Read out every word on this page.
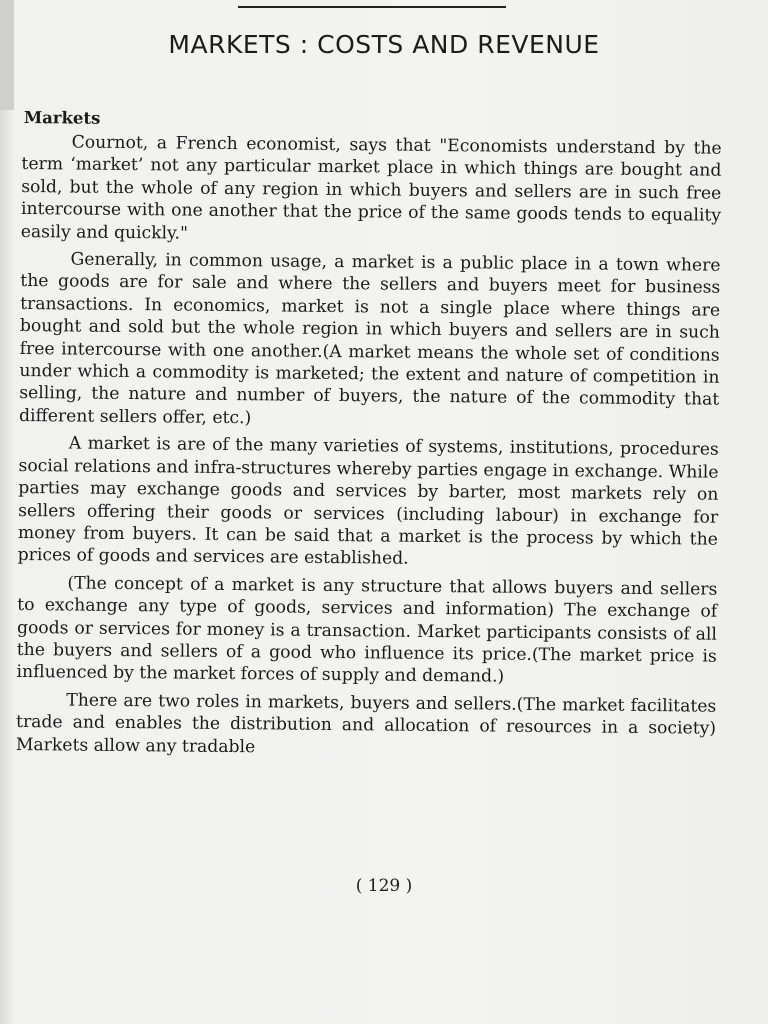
MARKETS : COSTS AND REVENUE
Markets

Cournot, a French economist, says that "Economists understand by the term ‘market’ not any particular market place in which things are bought and sold, but the whole of any region in which buyers and sellers are in such free intercourse with one another that the price of the same goods tends to equality easily and quickly."

Generally, in common usage, a market is a public place in a town where the goods are for sale and where the sellers and buyers meet for business transactions. In economics, market is not a single place where things are bought and sold but the whole region in which buyers and sellers are in such free intercourse with one another.(A market means the whole set of conditions under which a commodity is marketed; the extent and nature of competition in selling, the nature and number of buyers, the nature of the commodity that different sellers offer, etc.)

A market is are of the many varieties of systems, institutions, procedures social relations and infra-structures whereby parties engage in exchange. While parties may exchange goods and services by barter, most markets rely on sellers offering their goods or services (including labour) in exchange for money from buyers. It can be said that a market is the process by which the prices of goods and services are established.

(The concept of a market is any structure that allows buyers and sellers to exchange any type of goods, services and information) The exchange of goods or services for money is a transaction. Market participants consists of all the buyers and sellers of a good who influence its price.(The market price is influenced by the market forces of supply and demand.)

There are two roles in markets, buyers and sellers.(The market facilitates trade and enables the distribution and allocation of resources in a society) Markets allow any tradable

( 129 )
